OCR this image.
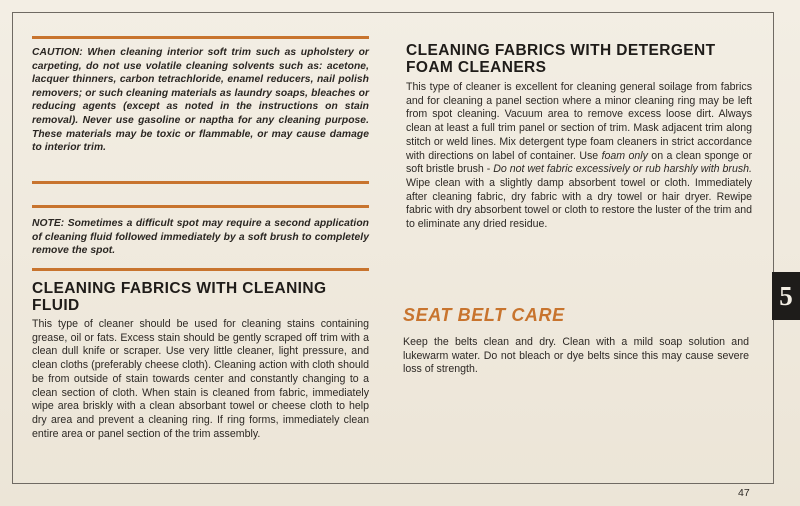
CAUTION: When cleaning interior soft trim such as upholstery or carpeting, do not use volatile cleaning solvents such as: acetone, lacquer thinners, carbon tetrachloride, enamel reducers, nail polish removers; or such cleaning materials as laundry soaps, bleaches or reducing agents (except as noted in the instructions on stain removal). Never use gasoline or naptha for any cleaning purpose. These materials may be toxic or flammable, or may cause damage to interior trim.
NOTE: Sometimes a difficult spot may require a second application of cleaning fluid followed immediately by a soft brush to completely remove the spot.
CLEANING FABRICS WITH CLEANING
FLUID
This type of cleaner should be used for cleaning stains containing grease, oil or fats. Excess stain should be gently scraped off trim with a clean dull knife or scraper. Use very little cleaner, light pressure, and clean cloths (preferably cheese cloth). Cleaning action with cloth should be from outside of stain towards center and constantly changing to a clean section of cloth. When stain is cleaned from fabric, immediately wipe area briskly with a clean absorbant towel or cheese cloth to help dry area and prevent a cleaning ring. If ring forms, immediately clean entire area or panel section of the trim assembly.
CLEANING FABRICS WITH DETERGENT
FOAM CLEANERS
This type of cleaner is excellent for cleaning general soilage from fabrics and for cleaning a panel section where a minor cleaning ring may be left from spot cleaning. Vacuum area to remove excess loose dirt. Always clean at least a full trim panel or section of trim. Mask adjacent trim along stitch or weld lines. Mix detergent type foam cleaners in strict accordance with directions on label of container. Use foam only on a clean sponge or soft bristle brush - Do not wet fabric excessively or rub harshly with brush. Wipe clean with a slightly damp absorbent towel or cloth. Immediately after cleaning fabric, dry fabric with a dry towel or hair dryer. Rewipe fabric with dry absorbent towel or cloth to restore the luster of the trim and to eliminate any dried residue.
SEAT BELT CARE
Keep the belts clean and dry. Clean with a mild soap solution and lukewarm water. Do not bleach or dye belts since this may cause severe loss of strength.
5
47
